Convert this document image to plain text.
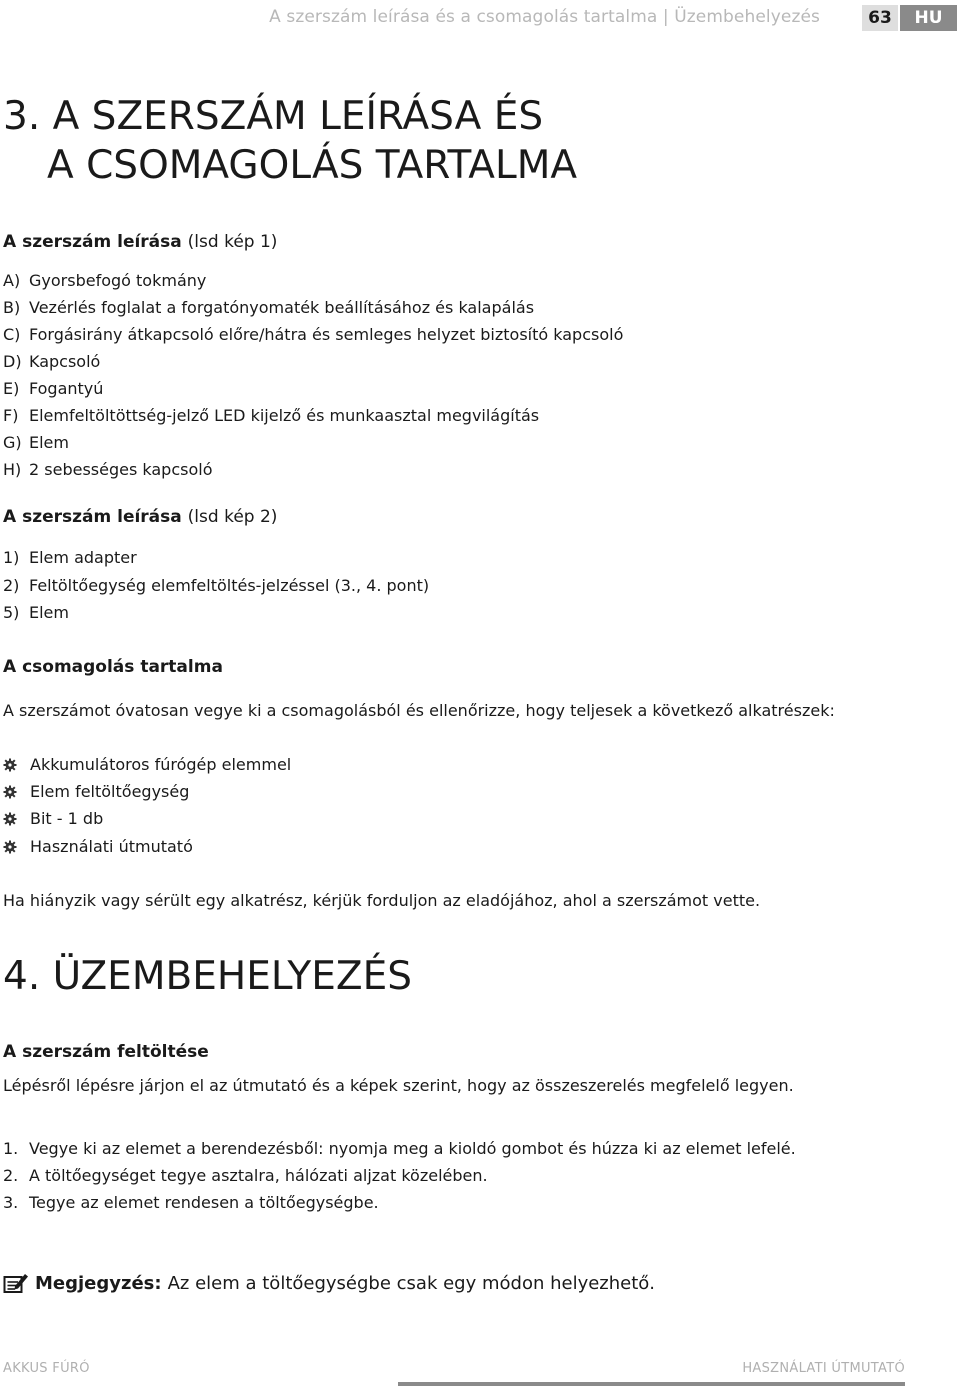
A szerszám leírása és a csomagolás tartalma | Üzembehelyezés	63	HU
3. A SZERSZÁM LEÍRÁSA ÉS
A CSOMAGOLÁS TARTALMA
A szerszám leírása (lsd kép 1)
A) Gyorsbefogó tokmány
B) Vezérlés foglalat a forgatónyomaték beállításához és kalapálás
C) Forgásirány átkapcsoló előre/hátra és semleges helyzet biztosító kapcsoló
D) Kapcsoló
E) Fogantyú
F) Elemfeltöltöttség-jelző LED kijelző és munkaasztal megvilágítás
G) Elem
H) 2 sebességes kapcsoló
A szerszám leírása (lsd kép 2)
1) Elem adapter
2) Feltöltőegység elemfeltöltés-jelzéssel (3., 4. pont)
5) Elem
A csomagolás tartalma
A szerszámot óvatosan vegye ki a csomagolásból és ellenőrizze, hogy teljesek a következő alkatrészek:
Akkumulátoros fúrógép elemmel
Elem feltöltőegység
Bit - 1 db
Használati útmutató
Ha hiányzik vagy sérült egy alkatrész, kérjük forduljon az eladójához, ahol a szerszámot vette.
4. ÜZEMBEHELYEZÉS
A szerszám feltöltése
Lépésről lépésre járjon el az útmutató és a képek szerint, hogy az összeszerelés megfelelő legyen.
1. Vegye ki az elemet a berendezésből: nyomja meg a kioldó gombot és húzza ki az elemet lefelé.
2. A töltőegységet tegye asztalra, hálózati aljzat közelében.
3. Tegye az elemet rendesen a töltőegységbe.
Megjegyzés: Az elem a töltőegységbe csak egy módon helyezhető.
AKKUS FÚRÓ	HASZNÁLATI ÚTMUTATÓ
